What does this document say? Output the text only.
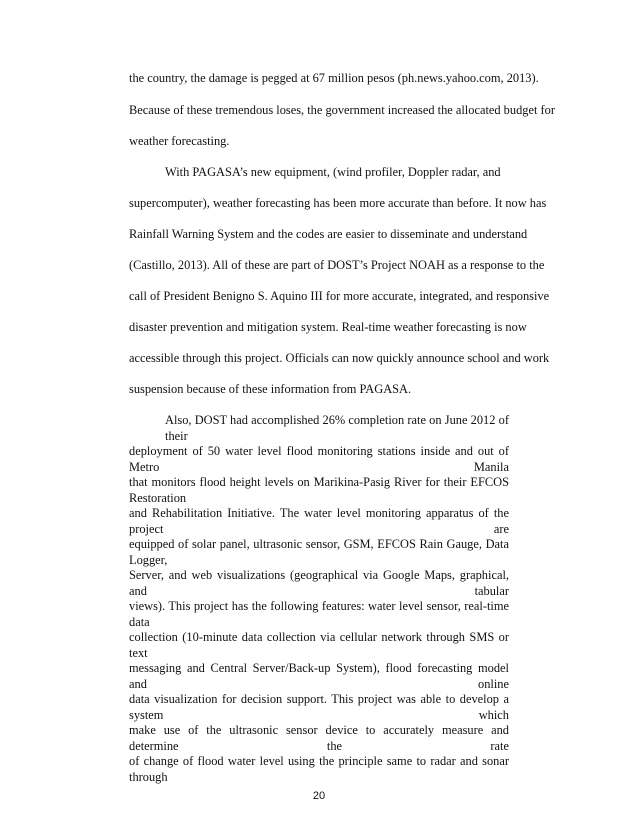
the country, the damage is pegged at 67 million pesos (ph.news.yahoo.com, 2013).
Because of these tremendous loses, the government increased the allocated budget for
weather forecasting.
With PAGASA’s new equipment, (wind profiler, Doppler radar, and
supercomputer), weather forecasting has been more accurate than before. It now has
Rainfall Warning System and the codes are easier to disseminate and understand
(Castillo, 2013). All of these are part of DOST’s Project NOAH as a response to the
call of President Benigno S. Aquino III for more accurate, integrated, and responsive
disaster prevention and mitigation system. Real-time weather forecasting is now
accessible through this project. Officials can now quickly announce school and work
suspension because of these information from PAGASA.
Also, DOST had accomplished 26% completion rate on June 2012 of their
deployment of 50 water level flood monitoring stations inside and out of Metro Manila
that monitors flood height levels on Marikina-Pasig River for their EFCOS Restoration
and Rehabilitation Initiative. The water level monitoring apparatus of the project are
equipped of solar panel, ultrasonic sensor, GSM, EFCOS Rain Gauge, Data Logger,
Server, and web visualizations (geographical via Google Maps, graphical, and tabular
views). This project has the following features: water level sensor, real-time data
collection (10-minute data collection via cellular network through SMS or text
messaging and Central Server/Back-up System), flood forecasting model and online
data visualization for decision support. This project was able to develop a system which
make use of the ultrasonic sensor device to accurately measure and determine the rate
of change of flood water level using the principle same to radar and sonar through
20
